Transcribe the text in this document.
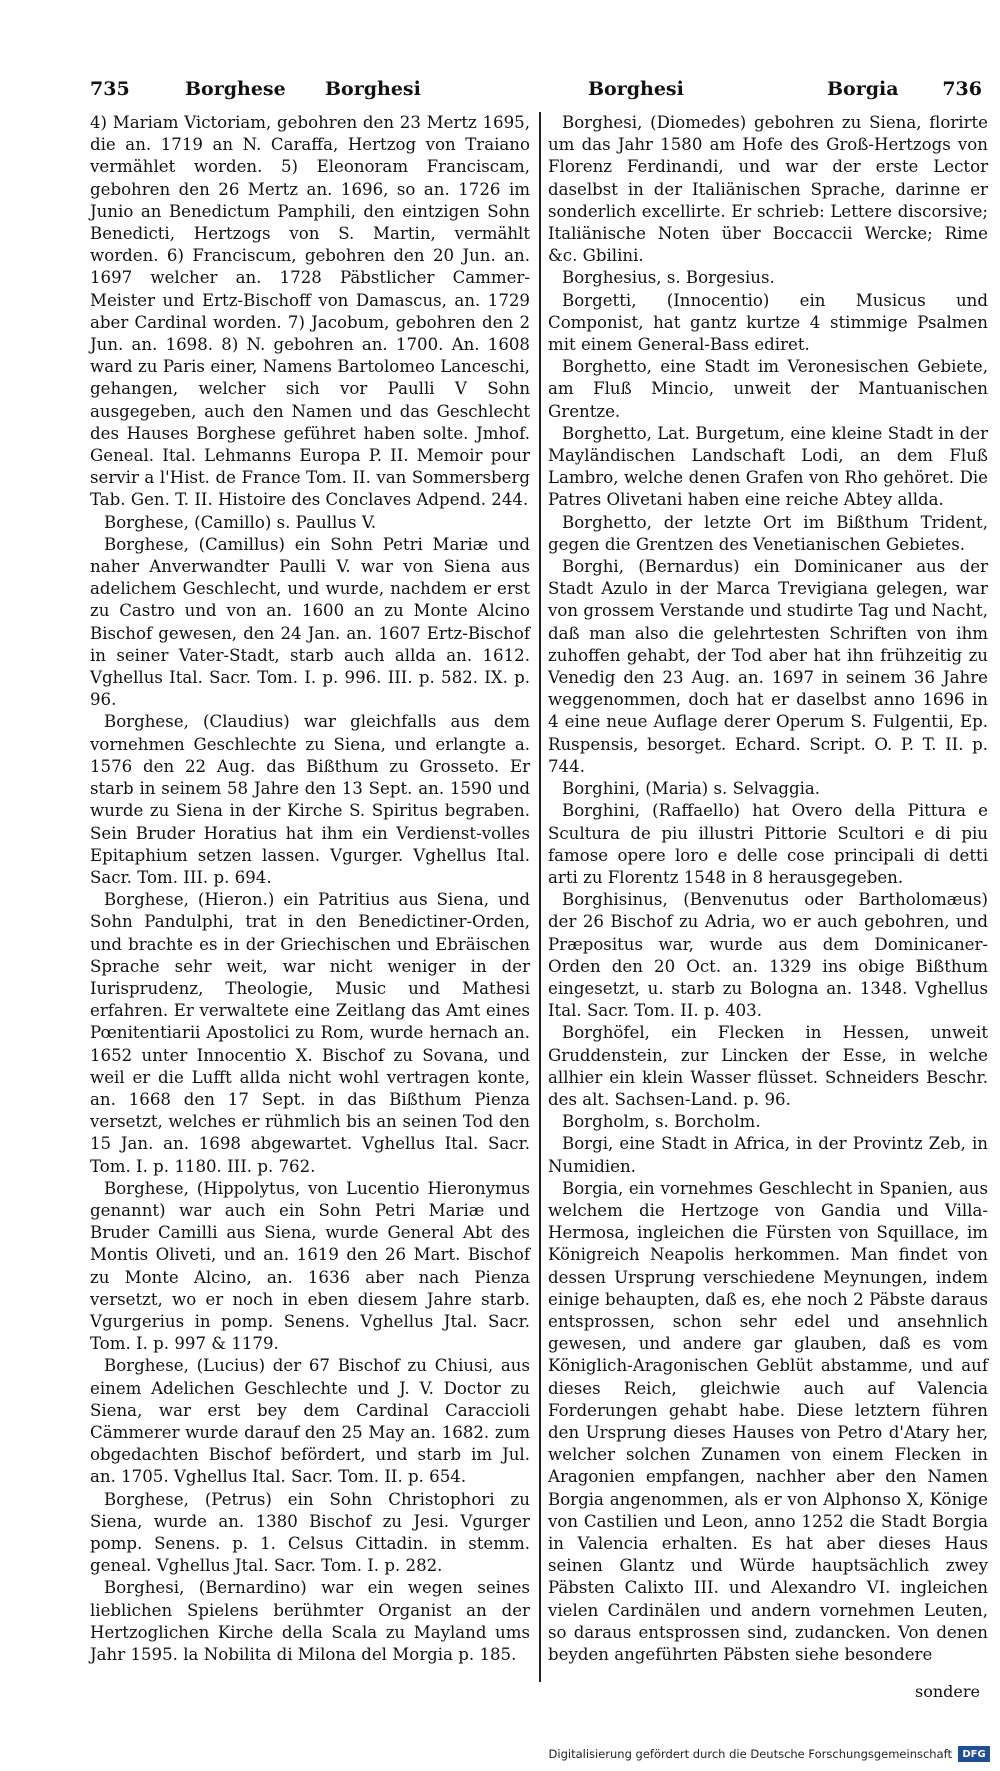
735	Borghese Borghesi	Borghesi	Borgia 736

4) Mariam Victoriam, gebohren den 23 Mertz 1695, die an. 1719 an N. Caraffa, Hertzog von Traiano vermählet worden. 5) Eleonoram Franciscam, gebohren den 26 Mertz an. 1696, so an. 1726 im Junio an Benedictum Pamphili, den eintzigen Sohn Benedicti, Hertzogs von S. Martin, vermählt worden. 6) Franciscum, gebohren den 20 Jun. an. 1697 welcher an. 1728 Päbstlicher Cammer-Meister und Ertz-Bischoff von Damascus, an. 1729 aber Cardinal worden. 7) Jacobum, gebohren den 2 Jun. an. 1698. 8) N. gebohren an. 1700. An. 1608 ward zu Paris einer, Namens Bartolomeo Lanceschi, gehangen, welcher sich vor Paulli V Sohn ausgegeben, auch den Namen und das Geschlecht des Hauses Borghese geführet haben solte. Jmhof. Geneal. Ital. Lehmanns Europa P. II. Memoir pour servir a l'Hist. de France Tom. II. van Sommersberg Tab. Gen. T. II. Histoire des Conclaves Adpend. 244.

Borghese, (Camillo) s. Paullus V.

Borghese, (Camillus) ein Sohn Petri Mariæ und naher Anverwandter Paulli V. war von Siena aus adelichem Geschlecht, und wurde, nachdem er erst zu Castro und von an. 1600 an zu Monte Alcino Bischof gewesen, den 24 Jan. an. 1607 Ertz-Bischof in seiner Vater-Stadt, starb auch allda an. 1612. Vghellus Ital. Sacr. Tom. I. p. 996. III. p. 582. IX. p. 96.

Borghese, (Claudius) war gleichfalls aus dem vornehmen Geschlechte zu Siena, und erlangte a. 1576 den 22 Aug. das Bißthum zu Grosseto. Er starb in seinem 58 Jahre den 13 Sept. an. 1590 und wurde zu Siena in der Kirche S. Spiritus begraben. Sein Bruder Horatius hat ihm ein Verdienst-volles Epitaphium setzen lassen. Vgurger. Vghellus Ital. Sacr. Tom. III. p. 694.

Borghese, (Hieron.) ein Patritius aus Siena, und Sohn Pandulphi, trat in den Benedictiner-Orden, und brachte es in der Griechischen und Ebräischen Sprache sehr weit, war nicht weniger in der Iurisprudenz, Theologie, Music und Mathesi erfahren. Er verwaltete eine Zeitlang das Amt eines Pœnitentiarii Apostolici zu Rom, wurde hernach an. 1652 unter Innocentio X. Bischof zu Sovana, und weil er die Lufft allda nicht wohl vertragen konte, an. 1668 den 17 Sept. in das Bißthum Pienza versetzt, welches er rühmlich bis an seinen Tod den 15 Jan. an. 1698 abgewartet. Vghellus Ital. Sacr. Tom. I. p. 1180. III. p. 762.

Borghese, (Hippolytus, von Lucentio Hieronymus genannt) war auch ein Sohn Petri Mariæ und Bruder Camilli aus Siena, wurde General Abt des Montis Oliveti, und an. 1619 den 26 Mart. Bischof zu Monte Alcino, an. 1636 aber nach Pienza versetzt, wo er noch in eben diesem Jahre starb. Vgurgerius in pomp. Senens. Vghellus Jtal. Sacr. Tom. I. p. 997 & 1179.

Borghese, (Lucius) der 67 Bischof zu Chiusi, aus einem Adelichen Geschlechte und J. V. Doctor zu Siena, war erst bey dem Cardinal Caraccioli Cämmerer wurde darauf den 25 May an. 1682. zum obgedachten Bischof befördert, und starb im Jul. an. 1705. Vghellus Ital. Sacr. Tom. II. p. 654.

Borghese, (Petrus) ein Sohn Christophori zu Siena, wurde an. 1380 Bischof zu Jesi. Vgurger pomp. Senens. p. 1. Celsus Cittadin. in stemm. geneal. Vghellus Jtal. Sacr. Tom. I. p. 282.

Borghesi, (Bernardino) war ein wegen seines lieblichen Spielens berühmter Organist an der Hertzoglichen Kirche della Scala zu Mayland ums Jahr 1595. la Nobilita di Milona del Morgia p. 185.

Borghesi, (Diomedes) gebohren zu Siena, florirte um das Jahr 1580 am Hofe des Groß-Hertzogs von Florenz Ferdinandi, und war der erste Lector daselbst in der Italiänischen Sprache, darinne er sonderlich excellirte. Er schrieb: Lettere discorsive; Italiänische Noten über Boccaccii Wercke; Rime &c. Gbilini.

Borghesius, s. Borgesius.

Borgetti, (Innocentio) ein Musicus und Componist, hat gantz kurtze 4 stimmige Psalmen mit einem General-Bass ediret.

Borghetto, eine Stadt im Veronesischen Gebiete, am Fluß Mincio, unweit der Mantuanischen Grentze.

Borghetto, Lat. Burgetum, eine kleine Stadt in der Mayländischen Landschaft Lodi, an dem Fluß Lambro, welche denen Grafen von Rho gehöret. Die Patres Olivetani haben eine reiche Abtey allda.

Borghetto, der letzte Ort im Bißthum Trident, gegen die Grentzen des Venetianischen Gebietes.

Borghi, (Bernardus) ein Dominicaner aus der Stadt Azulo in der Marca Trevigiana gelegen, war von grossem Verstande und studirte Tag und Nacht, daß man also die gelehrtesten Schriften von ihm zuhoffen gehabt, der Tod aber hat ihn frühzeitig zu Venedig den 23 Aug. an. 1697 in seinem 36 Jahre weggenommen, doch hat er daselbst anno 1696 in 4 eine neue Auflage derer Operum S. Fulgentii, Ep. Ruspensis, besorget. Echard. Script. O. P. T. II. p. 744.

Borghini, (Maria) s. Selvaggia.

Borghini, (Raffaello) hat Overo della Pittura e Scultura de piu illustri Pittorie Scultori e di piu famose opere loro e delle cose principali di detti arti zu Florentz 1548 in 8 herausgegeben.

Borghisinus, (Benvenutus oder Bartholomæus) der 26 Bischof zu Adria, wo er auch gebohren, und Præpositus war, wurde aus dem Dominicaner-Orden den 20 Oct. an. 1329 ins obige Bißthum eingesetzt, u. starb zu Bologna an. 1348. Vghellus Ital. Sacr. Tom. II. p. 403.

Borghöfel, ein Flecken in Hessen, unweit Gruddenstein, zur Lincken der Esse, in welche allhier ein klein Wasser flüsset. Schneiders Beschr. des alt. Sachsen-Land. p. 96.

Borgholm, s. Borcholm.

Borgi, eine Stadt in Africa, in der Provintz Zeb, in Numidien.

Borgia, ein vornehmes Geschlecht in Spanien, aus welchem die Hertzoge von Gandia und Villa-Hermosa, ingleichen die Fürsten von Squillace, im Königreich Neapolis herkommen. Man findet von dessen Ursprung verschiedene Meynungen, indem einige behaupten, daß es, ehe noch 2 Päbste daraus entsprossen, schon sehr edel und ansehnlich gewesen, und andere gar glauben, daß es vom Königlich-Aragonischen Geblüt abstamme, und auf dieses Reich, gleichwie auch auf Valencia Forderungen gehabt habe. Diese letztern führen den Ursprung dieses Hauses von Petro d'Atary her, welcher solchen Zunamen von einem Flecken in Aragonien empfangen, nachher aber den Namen Borgia angenommen, als er von Alphonso X, Könige von Castilien und Leon, anno 1252 die Stadt Borgia in Valencia erhalten. Es hat aber dieses Haus seinen Glantz und Würde hauptsächlich zwey Päbsten Calixto III. und Alexandro VI. ingleichen vielen Cardinälen und andern vornehmen Leuten, so daraus entsprossen sind, zudancken. Von denen beyden angeführten Päbsten siehe besondere

sondere
Digitalisierung gefördert durch die Deutsche Forschungsgemeinschaft	DFG
